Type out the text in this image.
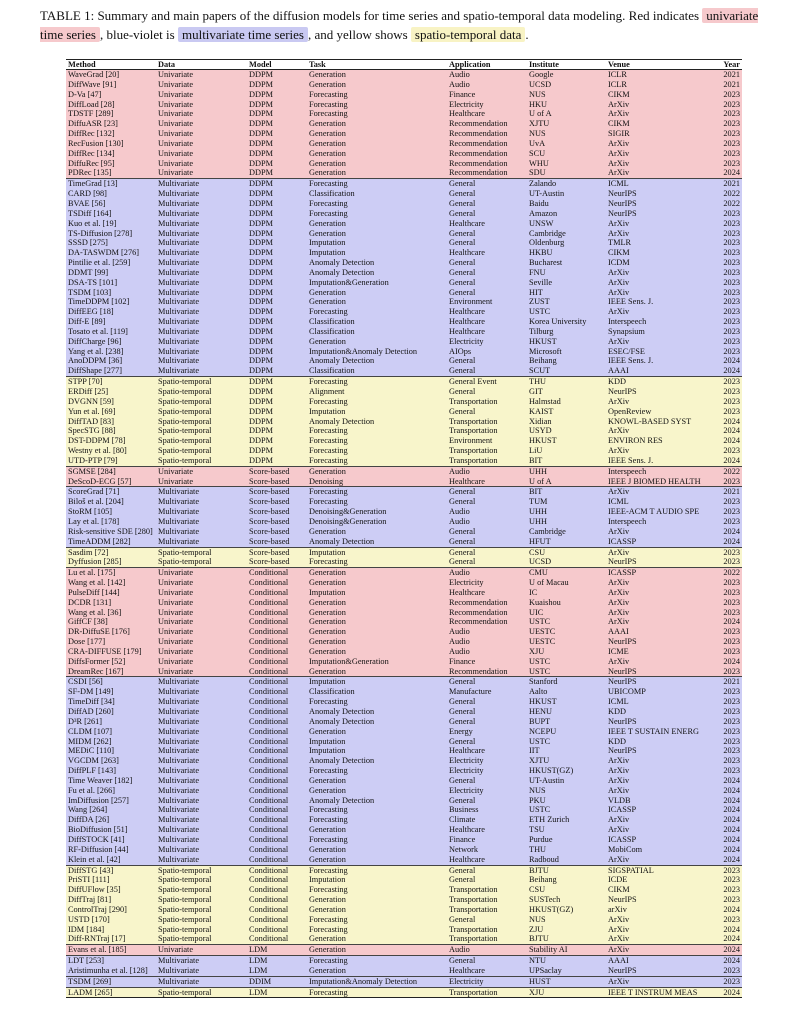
TABLE 1: Summary and main papers of the diffusion models for time series and spatio-temporal data modeling. Red indicates univariate time series , blue-violet is multivariate time series , and yellow shows spatio-temporal data .
Method	Data	Model	Task	Application	Institute	Venue	Year
WaveGrad [20]	Univariate	DDPM	Generation	Audio	Google	ICLR	2021
DiffWave [91]	Univariate	DDPM	Generation	Audio	UCSD	ICLR	2021
D-Va [47]	Univariate	DDPM	Forecasting	Finance	NUS	CIKM	2023
DiffLoad [28]	Univariate	DDPM	Forecasting	Electricity	HKU	ArXiv	2023
TDSTF [289]	Univariate	DDPM	Forecasting	Healthcare	U of A	ArXiv	2023
DiffuASR [23]	Univariate	DDPM	Generation	Recommendation	XJTU	CIKM	2023
DiffRec [132]	Univariate	DDPM	Generation	Recommendation	NUS	SIGIR	2023
RecFusion [130]	Univariate	DDPM	Generation	Recommendation	UvA	ArXiv	2023
DiffRec [134]	Univariate	DDPM	Generation	Recommendation	SCU	ArXiv	2023
DiffuRec [95]	Univariate	DDPM	Generation	Recommendation	WHU	ArXiv	2023
PDRec [135]	Univariate	DDPM	Generation	Recommendation	SDU	ArXiv	2024
TimeGrad [13]	Multivariate	DDPM	Forecasting	General	Zalando	ICML	2021
CARD [98]	Multivariate	DDPM	Classification	General	UT-Austin	NeurIPS	2022
BVAE [56]	Multivariate	DDPM	Forecasting	General	Baidu	NeurIPS	2022
TSDiff [164]	Multivariate	DDPM	Forecasting	General	Amazon	NeurIPS	2023
Kuo et al. [19]	Multivariate	DDPM	Generation	Healthcare	UNSW	ArXiv	2023
TS-Diffusion [278]	Multivariate	DDPM	Generation	General	Cambridge	ArXiv	2023
SSSD [275]	Multivariate	DDPM	Imputation	General	Oldenburg	TMLR	2023
DA-TASWDM [276]	Multivariate	DDPM	Imputation	Healthcare	HKBU	CIKM	2023
Pintilie et al. [259]	Multivariate	DDPM	Anomaly Detection	General	Bucharest	ICDM	2023
DDMT [99]	Multivariate	DDPM	Anomaly Detection	General	FNU	ArXiv	2023
DSA-TS [101]	Multivariate	DDPM	Imputation&Generation	General	Seville	ArXiv	2023
TSDM [103]	Multivariate	DDPM	Generation	General	HIT	ArXiv	2023
TimeDDPM [102]	Multivariate	DDPM	Generation	Environment	ZUST	IEEE Sens. J.	2023
DiffEEG [18]	Multivariate	DDPM	Forecasting	Healthcare	USTC	ArXiv	2023
Diff-E [89]	Multivariate	DDPM	Classification	Healthcare	Korea University	Interspeech	2023
Tosato et al. [119]	Multivariate	DDPM	Classification	Healthcare	Tilburg	Synapsium	2023
DiffCharge [96]	Multivariate	DDPM	Generation	Electricity	HKUST	ArXiv	2023
Yang et al. [238]	Multivariate	DDPM	Imputation&Anomaly Detection	AIOps	Microsoft	ESEC/FSE	2023
AnoDDPM [36]	Multivariate	DDPM	Anomaly Detection	General	Beihang	IEEE Sens. J.	2024
DiffShape [277]	Multivariate	DDPM	Classification	General	SCUT	AAAI	2024
STPP [70]	Spatio-temporal	DDPM	Forecasting	General Event	THU	KDD	2023
ERDiff [25]	Spatio-temporal	DDPM	Alignment	General	GIT	NeurIPS	2023
DVGNN [59]	Spatio-temporal	DDPM	Forecasting	Transportation	Halmstad	ArXiv	2023
Yun et al. [69]	Spatio-temporal	DDPM	Imputation	General	KAIST	OpenReview	2023
DiffTAD [83]	Spatio-temporal	DDPM	Anomaly Detection	Transportation	Xidian	KNOWL-BASED SYST	2024
SpecSTG [88]	Spatio-temporal	DDPM	Forecasting	Transportation	USYD	ArXiv	2024
DST-DDPM [78]	Spatio-temporal	DDPM	Forecasting	Environment	HKUST	ENVIRON RES	2024
Westny et al. [80]	Spatio-temporal	DDPM	Forecasting	Transportation	LiU	ArXiv	2023
UTD-PTP [79]	Spatio-temporal	DDPM	Forecasting	Transportation	BIT	IEEE Sens. J.	2024
SGMSE [284]	Univariate	Score-based	Generation	Audio	UHH	Interspeech	2022
DeScoD-ECG [57]	Univariate	Score-based	Denoising	Healthcare	U of A	IEEE J BIOMED HEALTH	2023
ScoreGrad [71]	Multivariate	Score-based	Forecasting	General	BIT	ArXiv	2021
Biloš et al. [204]	Multivariate	Score-based	Forecasting	General	TUM	ICML	2023
StoRM [105]	Multivariate	Score-based	Denoising&Generation	Audio	UHH	IEEE-ACM T AUDIO SPE	2023
Lay et al. [178]	Multivariate	Score-based	Denoising&Generation	Audio	UHH	Interspeech	2023
Risk-sensitive SDE [280]	Multivariate	Score-based	Generation	General	Cambridge	ArXiv	2024
TimeADDM [282]	Multivariate	Score-based	Anomaly Detection	General	HFUT	ICASSP	2024
Sasdim [72]	Spatio-temporal	Score-based	Imputation	General	CSU	ArXiv	2023
Dyffusion [285]	Spatio-temporal	Score-based	Forecasting	General	UCSD	NeurIPS	2023
Lu et al. [175]	Univariate	Conditional	Generation	Audio	CMU	ICASSP	2022
Wang et al. [142]	Univariate	Conditional	Generation	Electricity	U of Macau	ArXiv	2023
PulseDiff [144]	Univariate	Conditional	Imputation	Healthcare	IC	ArXiv	2023
DCDR [131]	Univariate	Conditional	Generation	Recommendation	Kuaishou	ArXiv	2023
Wang et al. [36]	Univariate	Conditional	Generation	Recommendation	UIC	ArXiv	2023
GiffCF [38]	Univariate	Conditional	Generation	Recommendation	USTC	ArXiv	2024
DR-DiffuSE [176]	Univariate	Conditional	Generation	Audio	UESTC	AAAI	2023
Dose [177]	Univariate	Conditional	Generation	Audio	UESTC	NeurIPS	2023
CRA-DIFFUSE [179]	Univariate	Conditional	Generation	Audio	XJU	ICME	2023
DiffsFormer [52]	Univariate	Conditional	Imputation&Generation	Finance	USTC	ArXiv	2024
DreamRec [167]	Univariate	Conditional	Generation	Recommendation	USTC	NeurIPS	2023
CSDI [56]	Multivariate	Conditional	Imputation	General	Stanford	NeurIPS	2021
SF-DM [149]	Multivariate	Conditional	Classification	Manufacture	Aalto	UBICOMP	2023
TimeDiff [34]	Multivariate	Conditional	Forecasting	General	HKUST	ICML	2023
DiffAD [260]	Multivariate	Conditional	Anomaly Detection	General	HENU	KDD	2023
D³R [261]	Multivariate	Conditional	Anomaly Detection	General	BUPT	NeurIPS	2023
CLDM [107]	Multivariate	Conditional	Generation	Energy	NCEPU	IEEE T SUSTAIN ENERG	2023
MIDM [262]	Multivariate	Conditional	Imputation	General	USTC	KDD	2023
MEDiC [110]	Multivariate	Conditional	Imputation	Healthcare	IIT	NeurIPS	2023
VGCDM [263]	Multivariate	Conditional	Anomaly Detection	Electricity	XJTU	ArXiv	2023
DiffPLF [143]	Multivariate	Conditional	Forecasting	Electricity	HKUST(GZ)	ArXiv	2023
Time Weaver [182]	Multivariate	Conditional	Generation	General	UT-Austin	ArXiv	2024
Fu et al. [266]	Multivariate	Conditional	Generation	Electricity	NUS	ArXiv	2024
ImDiffusion [257]	Multivariate	Conditional	Anomaly Detection	General	PKU	VLDB	2024
Wang [264]	Multivariate	Conditional	Forecasting	Business	USTC	ICASSP	2024
DiffDA [26]	Multivariate	Conditional	Forecasting	Climate	ETH Zurich	ArXiv	2024
BioDiffusion [51]	Multivariate	Conditional	Generation	Healthcare	TSU	ArXiv	2024
DiffSTOCK [41]	Multivariate	Conditional	Forecasting	Finance	Purdue	ICASSP	2024
RF-Diffusion [44]	Multivariate	Conditional	Generation	Network	THU	MobiCom	2024
Klein et al. [42]	Multivariate	Conditional	Generation	Healthcare	Radboud	ArXiv	2024
DiffSTG [43]	Spatio-temporal	Conditional	Forecasting	General	BJTU	SIGSPATIAL	2023
PriSTI [111]	Spatio-temporal	Conditional	Imputation	General	Beihang	ICDE	2023
DiffUFlow [35]	Spatio-temporal	Conditional	Forecasting	Transportation	CSU	CIKM	2023
DiffTraj [81]	Spatio-temporal	Conditional	Generation	Transportation	SUSTech	NeurIPS	2023
ControlTraj [290]	Spatio-temporal	Conditional	Generation	Transportation	HKUST(GZ)	arXiv	2024
USTD [170]	Spatio-temporal	Conditional	Forecasting	General	NUS	ArXiv	2023
IDM [184]	Spatio-temporal	Conditional	Forecasting	Transportation	ZJU	ArXiv	2024
Diff-RNTraj [17]	Spatio-temporal	Conditional	Generation	Transportation	BJTU	ArXiv	2024
Evans et al. [185]	Univariate	LDM	Generation	Audio	Stability AI	ArXiv	2024
LDT [253]	Multivariate	LDM	Forecasting	General	NTU	AAAI	2024
Aristimunha et al. [128]	Multivariate	LDM	Generation	Healthcare	UPSaclay	NeurIPS	2023
TSDM [269]	Multivariate	DDIM	Imputation&Anomaly Detection	Electricity	HUST	ArXiv	2023
LADM [265]	Spatio-temporal	LDM	Forecasting	Transportation	XJU	IEEE T INSTRUM MEAS	2024
